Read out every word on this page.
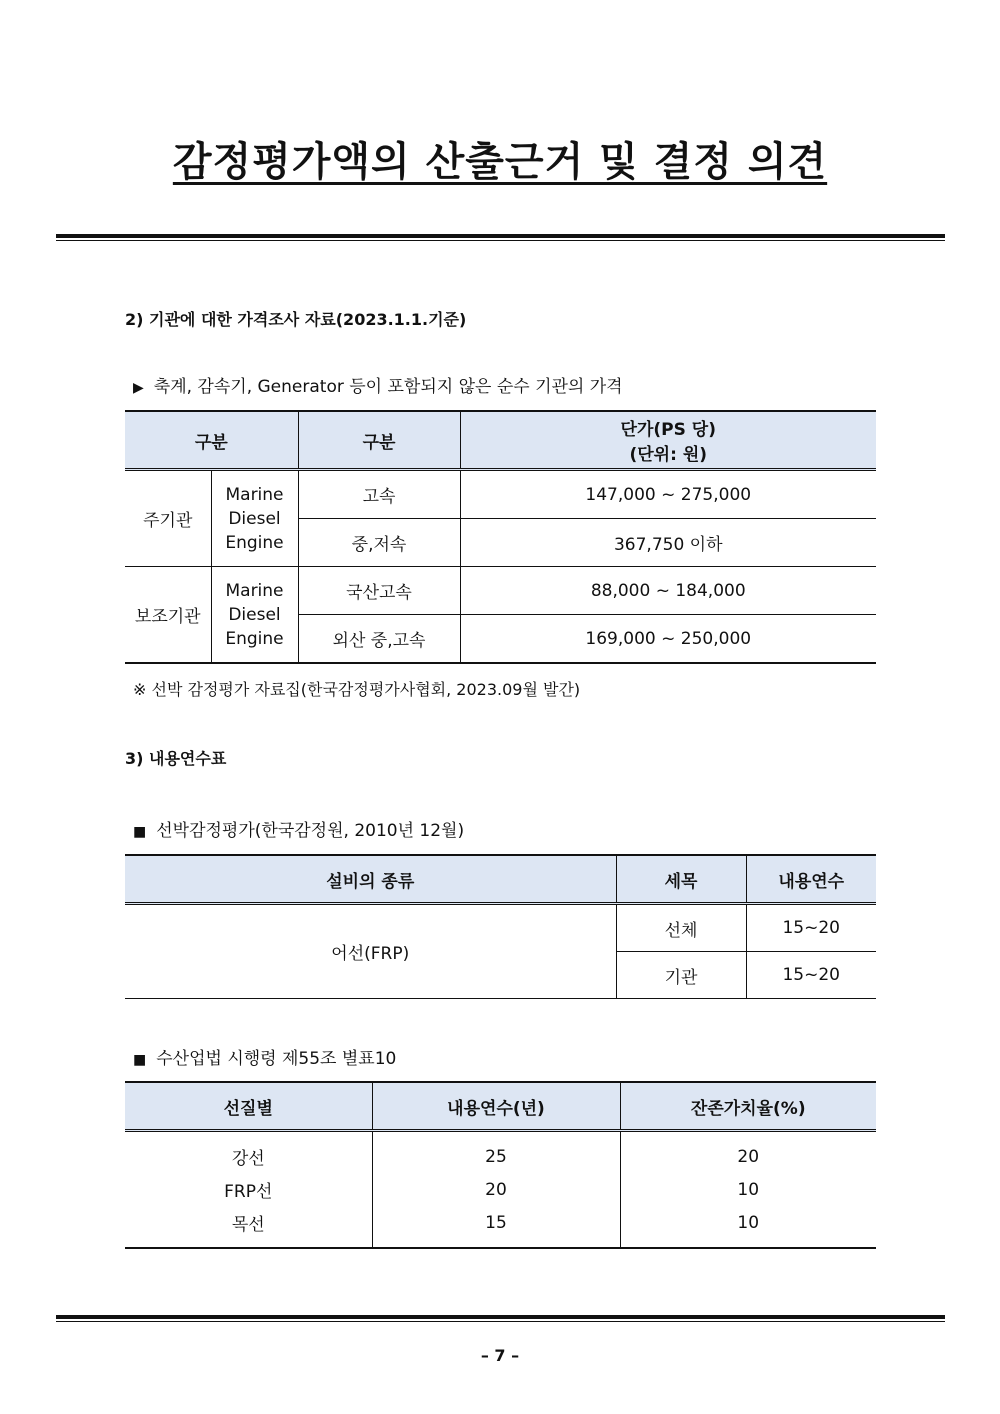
감정평가액의 산출근거 및 결정 의견
2) 기관에 대한 가격조사 자료(2023.1.1.기준)
▶ 축계, 감속기, Generator 등이 포함되지 않은 순수 기관의 가격
구분		구분	단가(PS 당)
(단위: 원)

주기관	Marine
Diesel
Engine	고속	147,000 ~ 275,000
		중,저속	367,750 이하
보조기관	Marine
Diesel
Engine	국산고속	88,000 ~ 184,000
		외산 중,고속	169,000 ~ 250,000
※ 선박 감정평가 자료집(한국감정평가사협회, 2023.09월 발간)
3) 내용연수표
■ 선박감정평가(한국감정원, 2010년 12월)
설비의 종류	세목	내용연수
어선(FRP)	선체	15~20
	기관	15~20
■ 수산업법 시행령 제55조 별표10
선질별	내용연수(년)	잔존가치율(%)
강선	25	20
FRP선	20	10
목선	15	10
– 7 –
